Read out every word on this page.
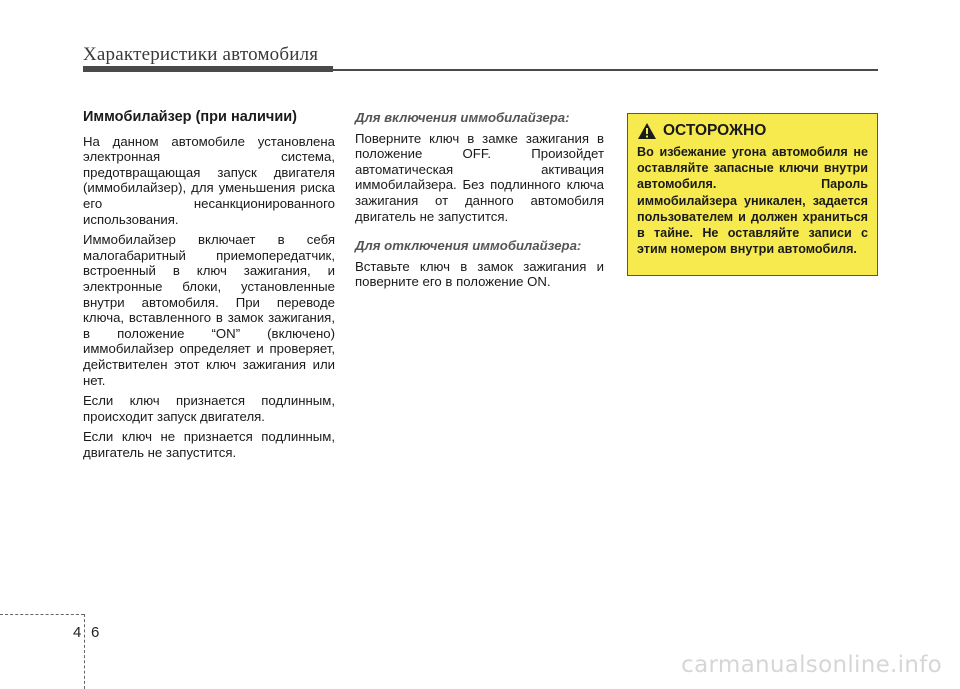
Характеристики автомобиля
Иммобилайзер (при наличии)

На данном автомобиле установлена электронная система, предотвращающая запуск двигателя (иммобилайзер), для уменьшения риска его несанкционированного использования.

Иммобилайзер включает в себя малогабаритный приемопередатчик, встроенный в ключ зажигания, и электронные блоки, установленные внутри автомобиля. При переводе ключа, вставленного в замок зажигания, в положение “ON” (включено) иммобилайзер определяет и проверяет, действителен этот ключ зажигания или нет.

Если ключ признается подлинным, происходит запуск двигателя.

Если ключ не признается подлинным, двигатель не запустится.

Для включения иммобилайзера:

Поверните ключ в замке зажигания в положение OFF. Произойдет автоматическая активация иммобилайзера. Без подлинного ключа зажигания от данного автомобиля двигатель не запустится.

Для отключения иммобилайзера:

Вставьте ключ в замок зажигания и поверните его в положение ON.

ОСТОРОЖНО

Во избежание угона автомобиля не оставляйте запасные ключи внутри автомобиля. Пароль иммобилайзера уникален, задается пользователем и должен храниться в тайне. Не оставляйте записи с этим номером внутри автомобиля.

4 6
carmanualsonline.info
